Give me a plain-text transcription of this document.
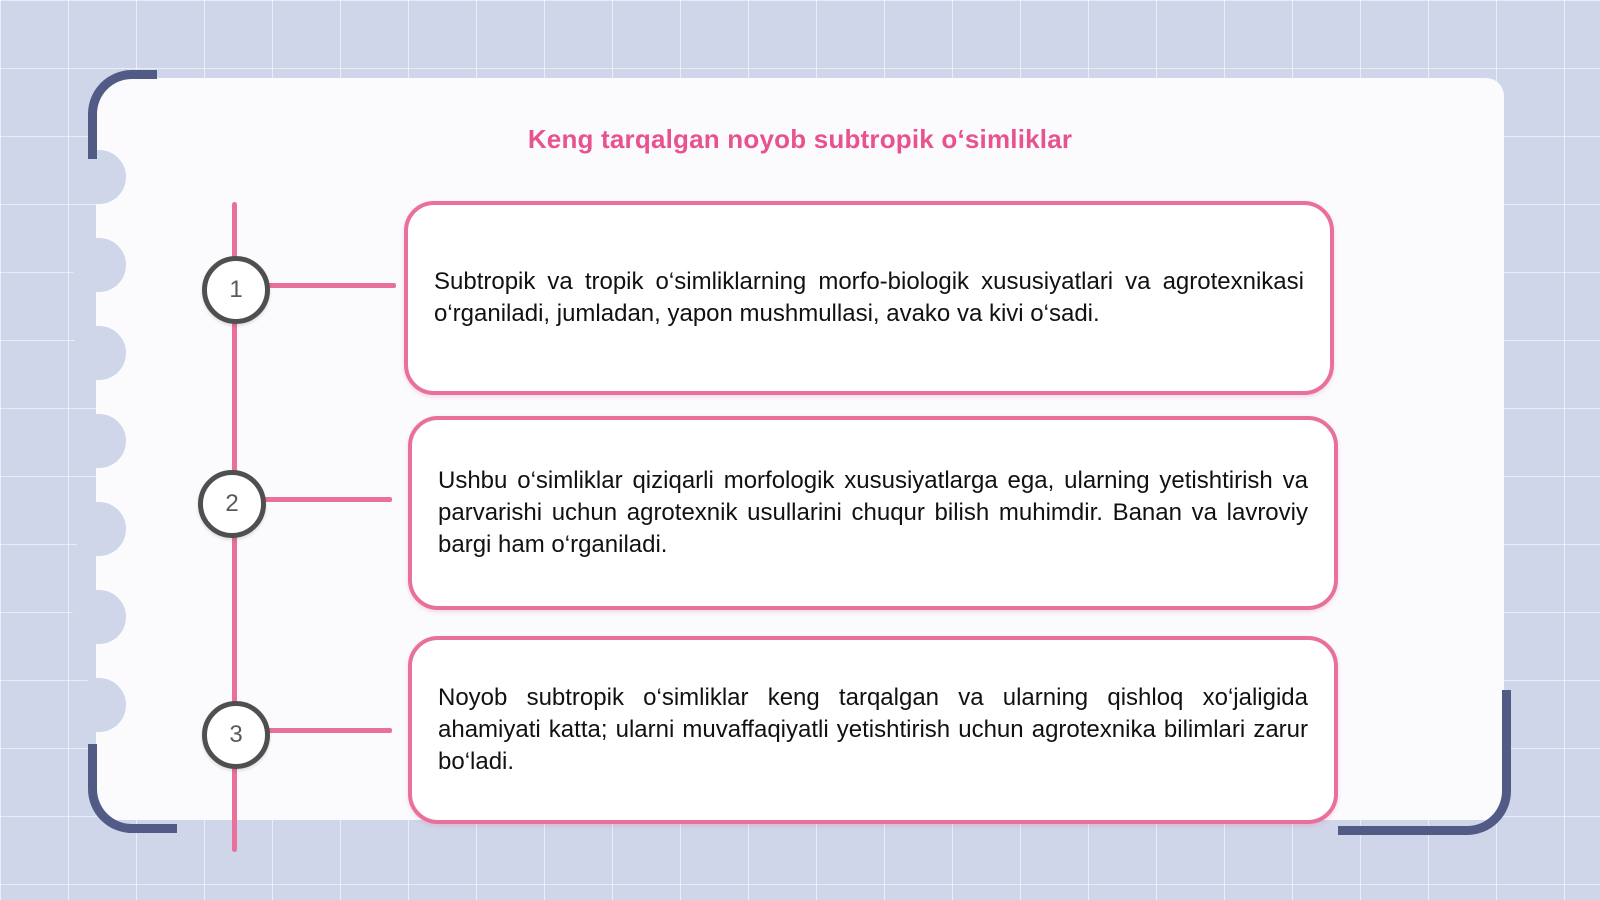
Keng tarqalgan noyob subtropik o‘simliklar
1	Subtropik va tropik o‘simliklarning morfo-biologik xususiyatlari va agrotexnikasi o‘rganiladi, jumladan, yapon mushmullasi, avako va kivi o‘sadi.

2

Ushbu o‘simliklar qiziqarli morfologik xususiyatlarga ega, ularning yetishtirish va parvarishi uchun agrotexnik usullarini chuqur bilish muhimdir. Banan va lavroviy bargi ham o‘rganiladi.

3

Noyob subtropik o‘simliklar keng tarqalgan va ularning qishloq xo‘jaligida ahamiyati katta; ularni muvaffaqiyatli yetishtirish uchun agrotexnika bilimlari zarur bo‘ladi.
